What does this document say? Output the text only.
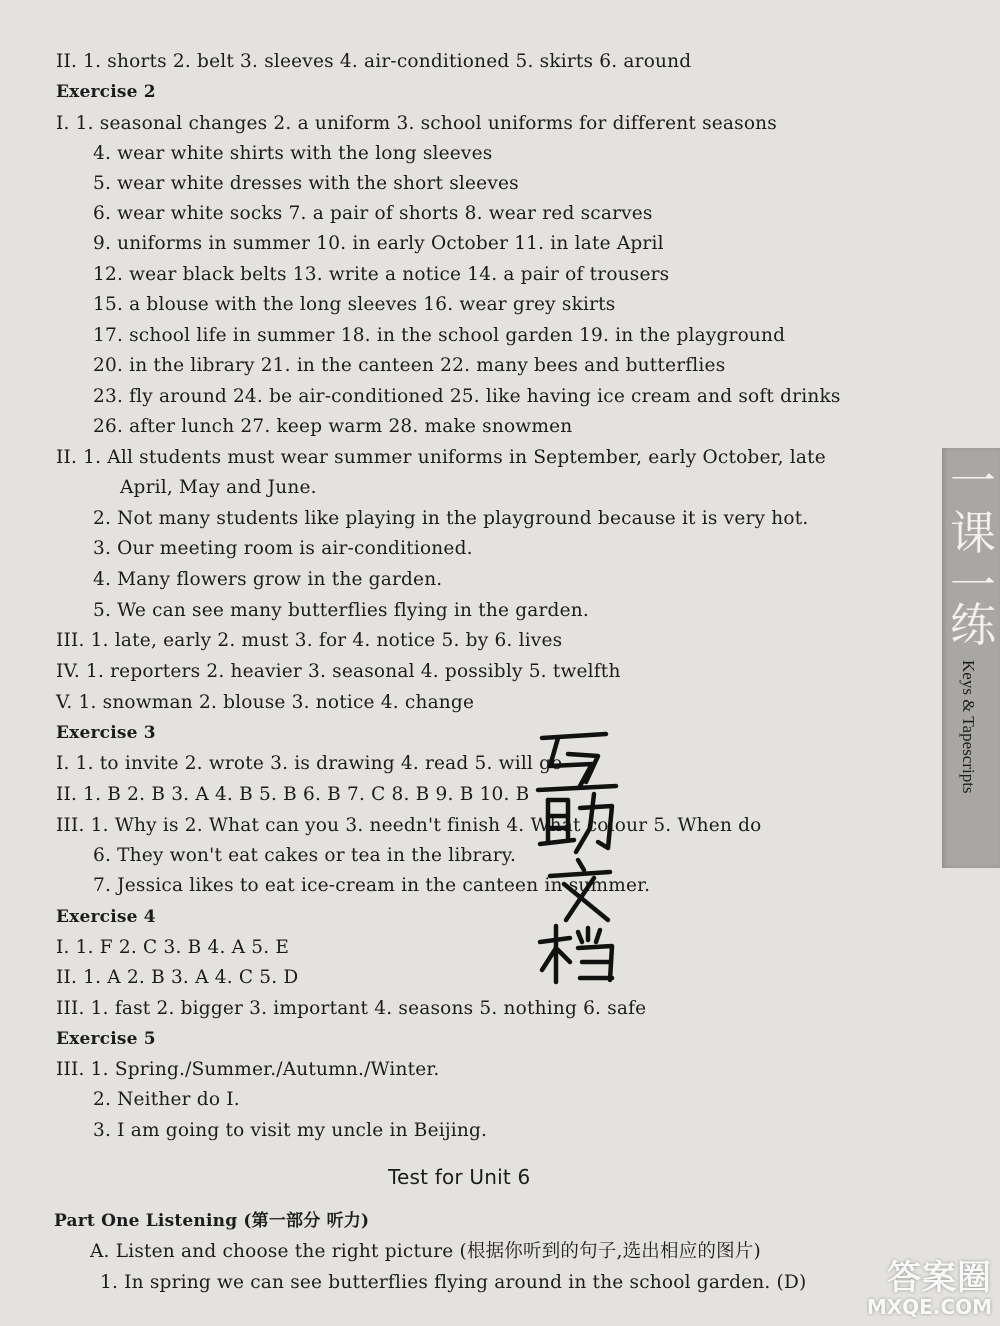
II. 1. shorts 2. belt 3. sleeves 4. air-conditioned 5. skirts 6. around
Exercise 2
I. 1. seasonal changes 2. a uniform 3. school uniforms for different seasons
4. wear white shirts with the long sleeves
5. wear white dresses with the short sleeves
6. wear white socks 7. a pair of shorts 8. wear red scarves
9. uniforms in summer 10. in early October 11. in late April
12. wear black belts 13. write a notice 14. a pair of trousers
15. a blouse with the long sleeves 16. wear grey skirts
17. school life in summer 18. in the school garden 19. in the playground
20. in the library 21. in the canteen 22. many bees and butterflies
23. fly around 24. be air-conditioned 25. like having ice cream and soft drinks
26. after lunch 27. keep warm 28. make snowmen
II. 1. All students must wear summer uniforms in September, early October, late
April, May and June.
2. Not many students like playing in the playground because it is very hot.
3. Our meeting room is air-conditioned.
4. Many flowers grow in the garden.
5. We can see many butterflies flying in the garden.
III. 1. late, early 2. must 3. for 4. notice 5. by 6. lives
IV. 1. reporters 2. heavier 3. seasonal 4. possibly 5. twelfth
V. 1. snowman 2. blouse 3. notice 4. change
Exercise 3
I. 1. to invite 2. wrote 3. is drawing 4. read 5. will go
II. 1. B 2. B 3. A 4. B 5. B 6. B 7. C 8. B 9. B 10. B
III. 1. Why is 2. What can you 3. needn't finish 4. What colour 5. When do
6. They won't eat cakes or tea in the library.
7. Jessica likes to eat ice-cream in the canteen in summer.
Exercise 4
I. 1. F 2. C 3. B 4. A 5. E
II. 1. A 2. B 3. A 4. C 5. D
III. 1. fast 2. bigger 3. important 4. seasons 5. nothing 6. safe
Exercise 5
III. 1. Spring./Summer./Autumn./Winter.
2. Neither do I.
3. I am going to visit my uncle in Beijing.
Test for Unit 6
Part One Listening (第一部分 听力)
A. Listen and choose the right picture (根据你听到的句子,选出相应的图片)
1. In spring we can see butterflies flying around in the school garden. (D)
一
课
一
练
Keys & Tapescripts
答案圈
MXQE.COM
